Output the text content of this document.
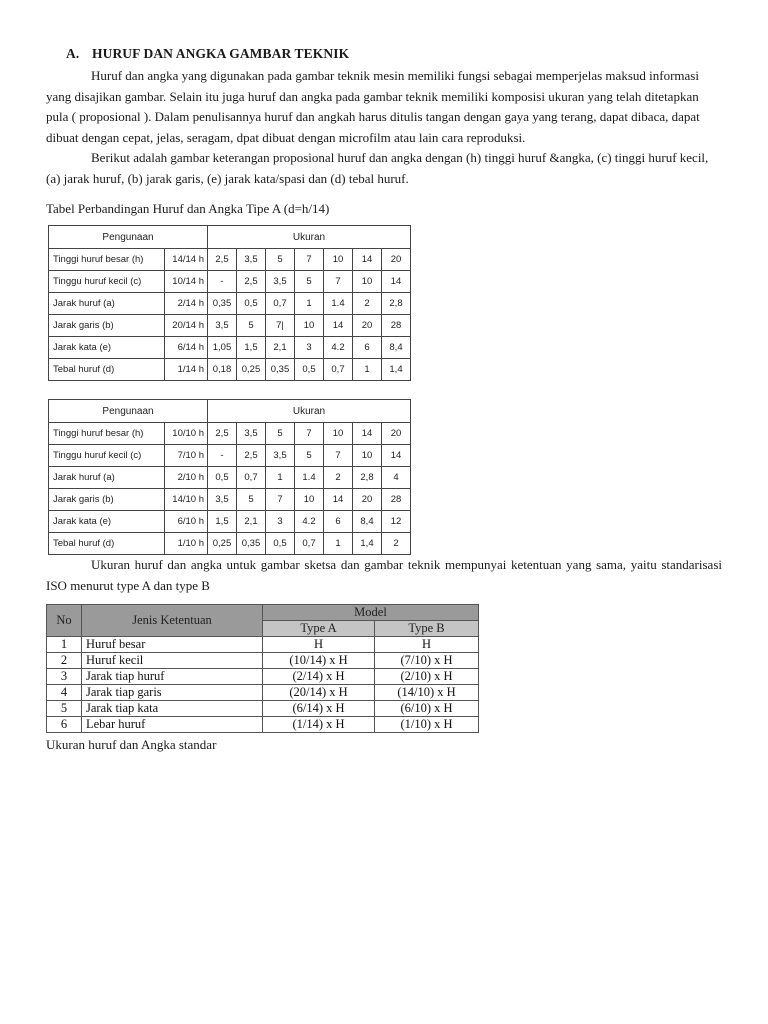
A. HURUF DAN ANGKA GAMBAR TEKNIK

Huruf dan angka yang digunakan pada gambar teknik mesin memiliki fungsi sebagai memperjelas maksud informasi yang disajikan gambar. Selain itu juga huruf dan angka pada gambar teknik memiliki komposisi ukuran yang telah ditetapkan pula ( proposional ). Dalam penulisannya huruf dan angkah harus ditulis tangan dengan gaya yang terang, dapat dibaca, dapat dibuat dengan cepat, jelas, seragam, dpat dibuat dengan microfilm atau lain cara reproduksi.

Berikut adalah gambar keterangan proposional huruf dan angka dengan (h) tinggi huruf &angka, (c) tinggi huruf kecil, (a) jarak huruf, (b) jarak garis, (e) jarak kata/spasi dan (d) tebal huruf.

Tabel Perbandingan Huruf dan Angka Tipe A (d=h/14)
Pengunaan		Ukuran						
Tinggi huruf besar (h)	14/14 h	2,5	3,5	5	7	10	14	20
Tinggu huruf kecil (c)	10/14 h	-	2,5	3,5	5	7	10	14
Jarak huruf (a)	2/14 h	0,35	0,5	0,7	1	1.4	2	2,8
Jarak garis (b)	20/14 h	3,5	5	7|	10	14	20	28
Jarak kata (e)	6/14 h	1,05	1,5	2,1	3	4.2	6	8,4
Tebal huruf (d)	1/14 h	0,18	0,25	0,35	0,5	0,7	1	1,4
Pengunaan		Ukuran						
Tinggi huruf besar (h)	10/10 h	2,5	3,5	5	7	10	14	20
Tinggu huruf kecil (c)	7/10 h	-	2,5	3,5	5	7	10	14
Jarak huruf (a)	2/10 h	0,5	0,7	1	1.4	2	2,8	4
Jarak garis (b)	14/10 h	3,5	5	7	10	14	20	28
Jarak kata (e)	6/10 h	1,5	2,1	3	4.2	6	8,4	12
Tebal huruf (d)	1/10 h	0,25	0,35	0,5	0,7	1	1,4	2

Ukuran huruf dan angka untuk gambar sketsa dan gambar teknik mempunyai ketentuan yang sama, yaitu standarisasi ISO menurut type A dan type B

No	Jenis Ketentuan	Model	
		Type A	Type B
1	Huruf besar	H	H
2	Huruf kecil	(10/14) x H	(7/10) x H
3	Jarak tiap huruf	(2/14) x H	(2/10) x H
4	Jarak tiap garis	(20/14) x H	(14/10) x H
5	Jarak tiap kata	(6/14) x H	(6/10) x H
6	Lebar huruf	(1/14) x H	(1/10) x H
Ukuran huruf dan Angka standar
